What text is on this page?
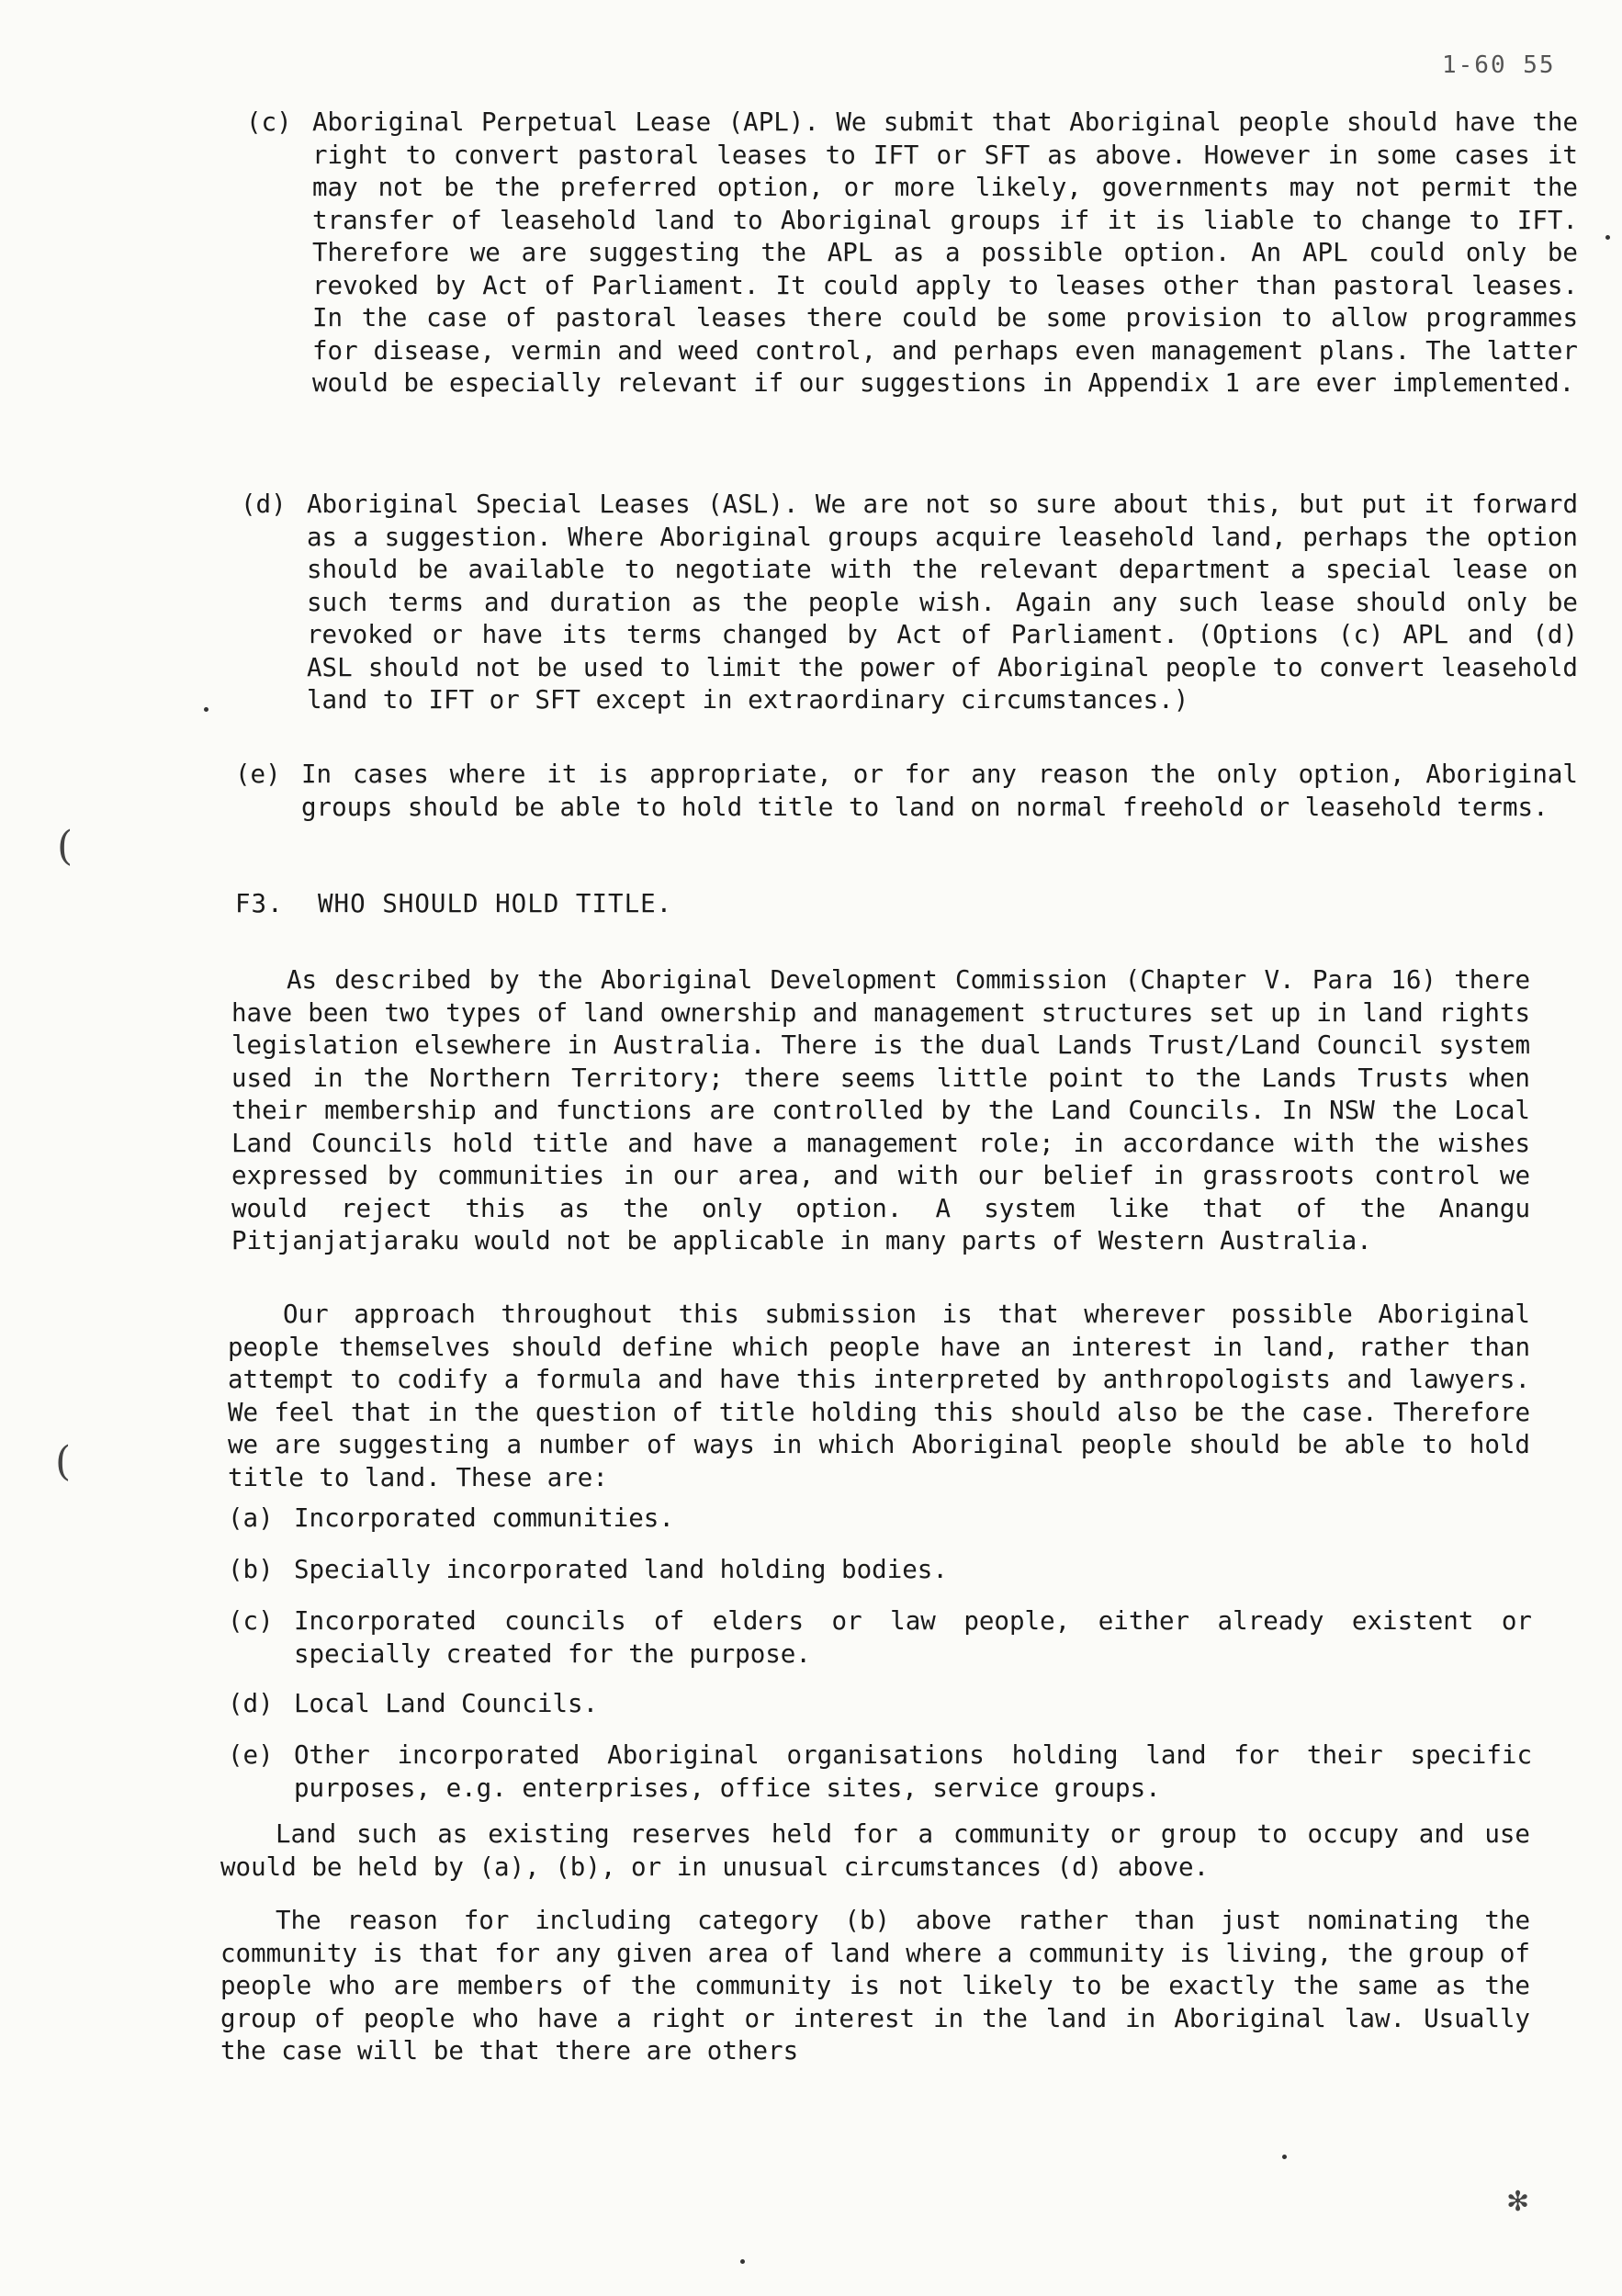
1-60 55
(c) Aboriginal Perpetual Lease (APL). We submit that Aboriginal people should have the right to convert pastoral leases to IFT or SFT as above. However in some cases it may not be the preferred option, or more likely, governments may not permit the transfer of leasehold land to Aboriginal groups if it is liable to change to IFT. Therefore we are suggesting the APL as a possible option. An APL could only be revoked by Act of Parliament. It could apply to leases other than pastoral leases. In the case of pastoral leases there could be some provision to allow programmes for disease, vermin and weed control, and perhaps even management plans. The latter would be especially relevant if our suggestions in Appendix 1 are ever implemented.
(d) Aboriginal Special Leases (ASL). We are not so sure about this, but put it forward as a suggestion. Where Aboriginal groups acquire leasehold land, perhaps the option should be available to negotiate with the relevant department a special lease on such terms and duration as the people wish. Again any such lease should only be revoked or have its terms changed by Act of Parliament. (Options (c) APL and (d) ASL should not be used to limit the power of Aboriginal people to convert leasehold land to IFT or SFT except in extraordinary circumstances.)
(e) In cases where it is appropriate, or for any reason the only option, Aboriginal groups should be able to hold title to land on normal freehold or leasehold terms.
F3. WHO SHOULD HOLD TITLE.
As described by the Aboriginal Development Commission (Chapter V. Para 16) there have been two types of land ownership and management structures set up in land rights legislation elsewhere in Australia. There is the dual Lands Trust/Land Council system used in the Northern Territory; there seems little point to the Lands Trusts when their membership and functions are controlled by the Land Councils. In NSW the Local Land Councils hold title and have a management role; in accordance with the wishes expressed by communities in our area, and with our belief in grassroots control we would reject this as the only option. A system like that of the Anangu Pitjanjatjaraku would not be applicable in many parts of Western Australia.
Our approach throughout this submission is that wherever possible Aboriginal people themselves should define which people have an interest in land, rather than attempt to codify a formula and have this interpreted by anthropologists and lawyers. We feel that in the question of title holding this should also be the case. Therefore we are suggesting a number of ways in which Aboriginal people should be able to hold title to land. These are:
(a) Incorporated communities.
(b) Specially incorporated land holding bodies.
(c) Incorporated councils of elders or law people, either already existent or specially created for the purpose.
(d) Local Land Councils.
(e) Other incorporated Aboriginal organisations holding land for their specific purposes, e.g. enterprises, office sites, service groups.
Land such as existing reserves held for a community or group to occupy and use would be held by (a), (b), or in unusual circumstances (d) above.
The reason for including category (b) above rather than just nominating the community is that for any given area of land where a community is living, the group of people who are members of the community is not likely to be exactly the same as the group of people who have a right or interest in the land in Aboriginal law. Usually the case will be that there are others
(
(
✻
